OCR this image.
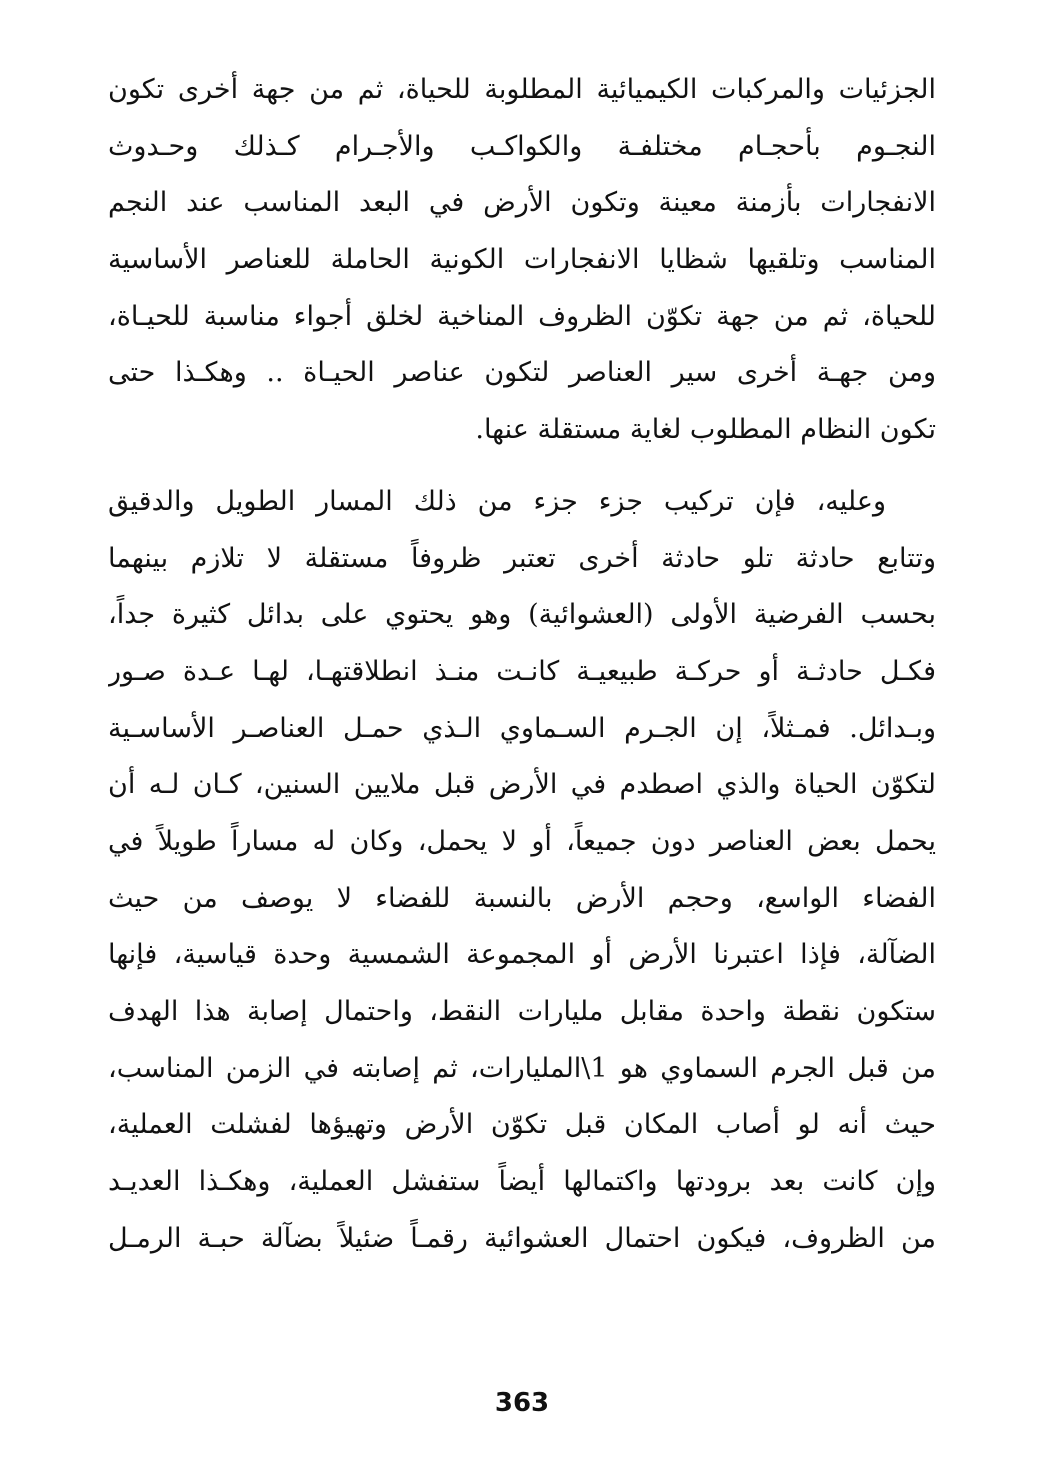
الجزئيات والمركبات الكيميائية المطلوبة للحياة، ثم من جهة أخرى تكون
النجـوم بأحجـام مختلفـة والكواكـب والأجـرام كـذلك وحـدوث
الانفجارات بأزمنة معينة وتكون الأرض في البعد المناسب عند النجم
المناسب وتلقيها شظايا الانفجارات الكونية الحاملة للعناصر الأساسية
للحياة، ثم من جهة تكوّن الظروف المناخية لخلق أجواء مناسبة للحيـاة،
ومن جهـة أخرى سير العناصر لتكون عناصر الحيـاة .. وهكـذا حتى
تكون النظام المطلوب لغاية مستقلة عنها.
وعليه، فإن تركيب جزء جزء من ذلك المسار الطويل والدقيق
وتتابع حادثة تلو حادثة أخرى تعتبر ظروفاً مستقلة لا تلازم بينهما
بحسب الفرضية الأولى (العشوائية) وهو يحتوي على بدائل كثيرة جداً،
فكـل حادثـة أو حركـة طبيعيـة كانـت منـذ انطلاقتهـا، لهـا عـدة صـور
وبـدائل. فمـثلاً، إن الجـرم السـماوي الـذي حمـل العناصـر الأساسـية
لتكوّن الحياة والذي اصطدم في الأرض قبل ملايين السنين، كـان لـه أن
يحمل بعض العناصر دون جميعاً، أو لا يحمل، وكان له مساراً طويلاً في
الفضاء الواسع، وحجم الأرض بالنسبة للفضاء لا يوصف من حيث
الضآلة، فإذا اعتبرنا الأرض أو المجموعة الشمسية وحدة قياسية، فإنها
ستكون نقطة واحدة مقابل مليارات النقط، واحتمال إصابة هذا الهدف
من قبل الجرم السماوي هو 1\المليارات، ثم إصابته في الزمن المناسب،
حيث أنه لو أصاب المكان قبل تكوّن الأرض وتهيؤها لفشلت العملية،
وإن كانت بعد برودتها واكتمالها أيضاً ستفشل العملية، وهكـذا العديـد
من الظروف، فيكون احتمال العشوائية رقمـاً ضئيلاً بضآلة حبـة الرمـل
363
